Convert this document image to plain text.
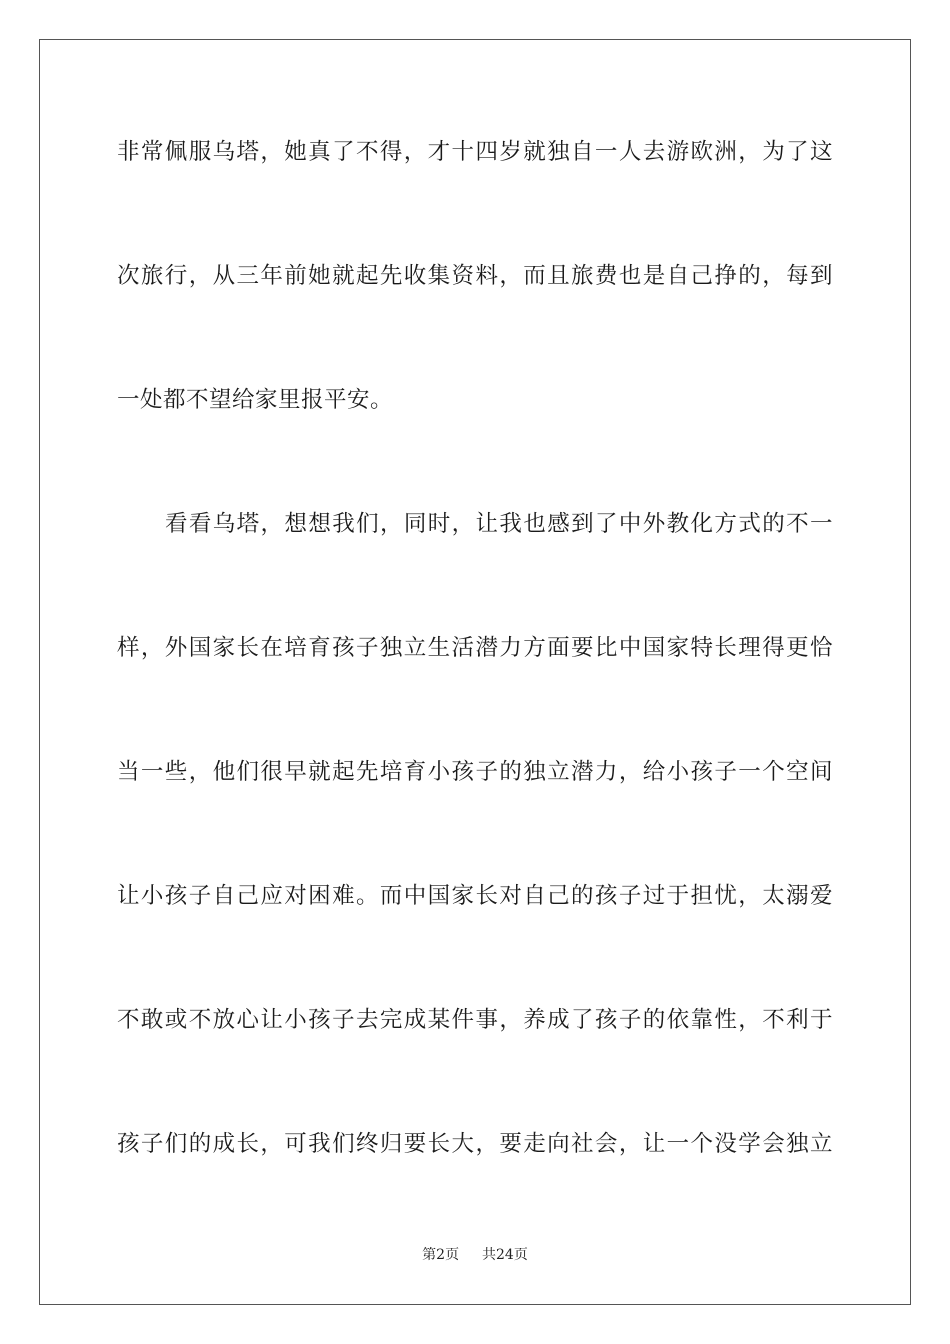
非常佩服乌塔，她真了不得，才十四岁就独自一人去游欧洲，为了这
次旅行，从三年前她就起先收集资料，而且旅费也是自己挣的，每到
一处都不望给家里报平安。
看看乌塔，想想我们，同时，让我也感到了中外教化方式的不一
样，外国家长在培育孩子独立生活潜力方面要比中国家特长理得更恰
当一些，他们很早就起先培育小孩子的独立潜力，给小孩子一个空间
让小孩子自己应对困难。而中国家长对自己的孩子过于担忧，太溺爱
不敢或不放心让小孩子去完成某件事，养成了孩子的依靠性，不利于
孩子们的成长，可我们终归要长大，要走向社会，让一个没学会独立
第2页 共24页
